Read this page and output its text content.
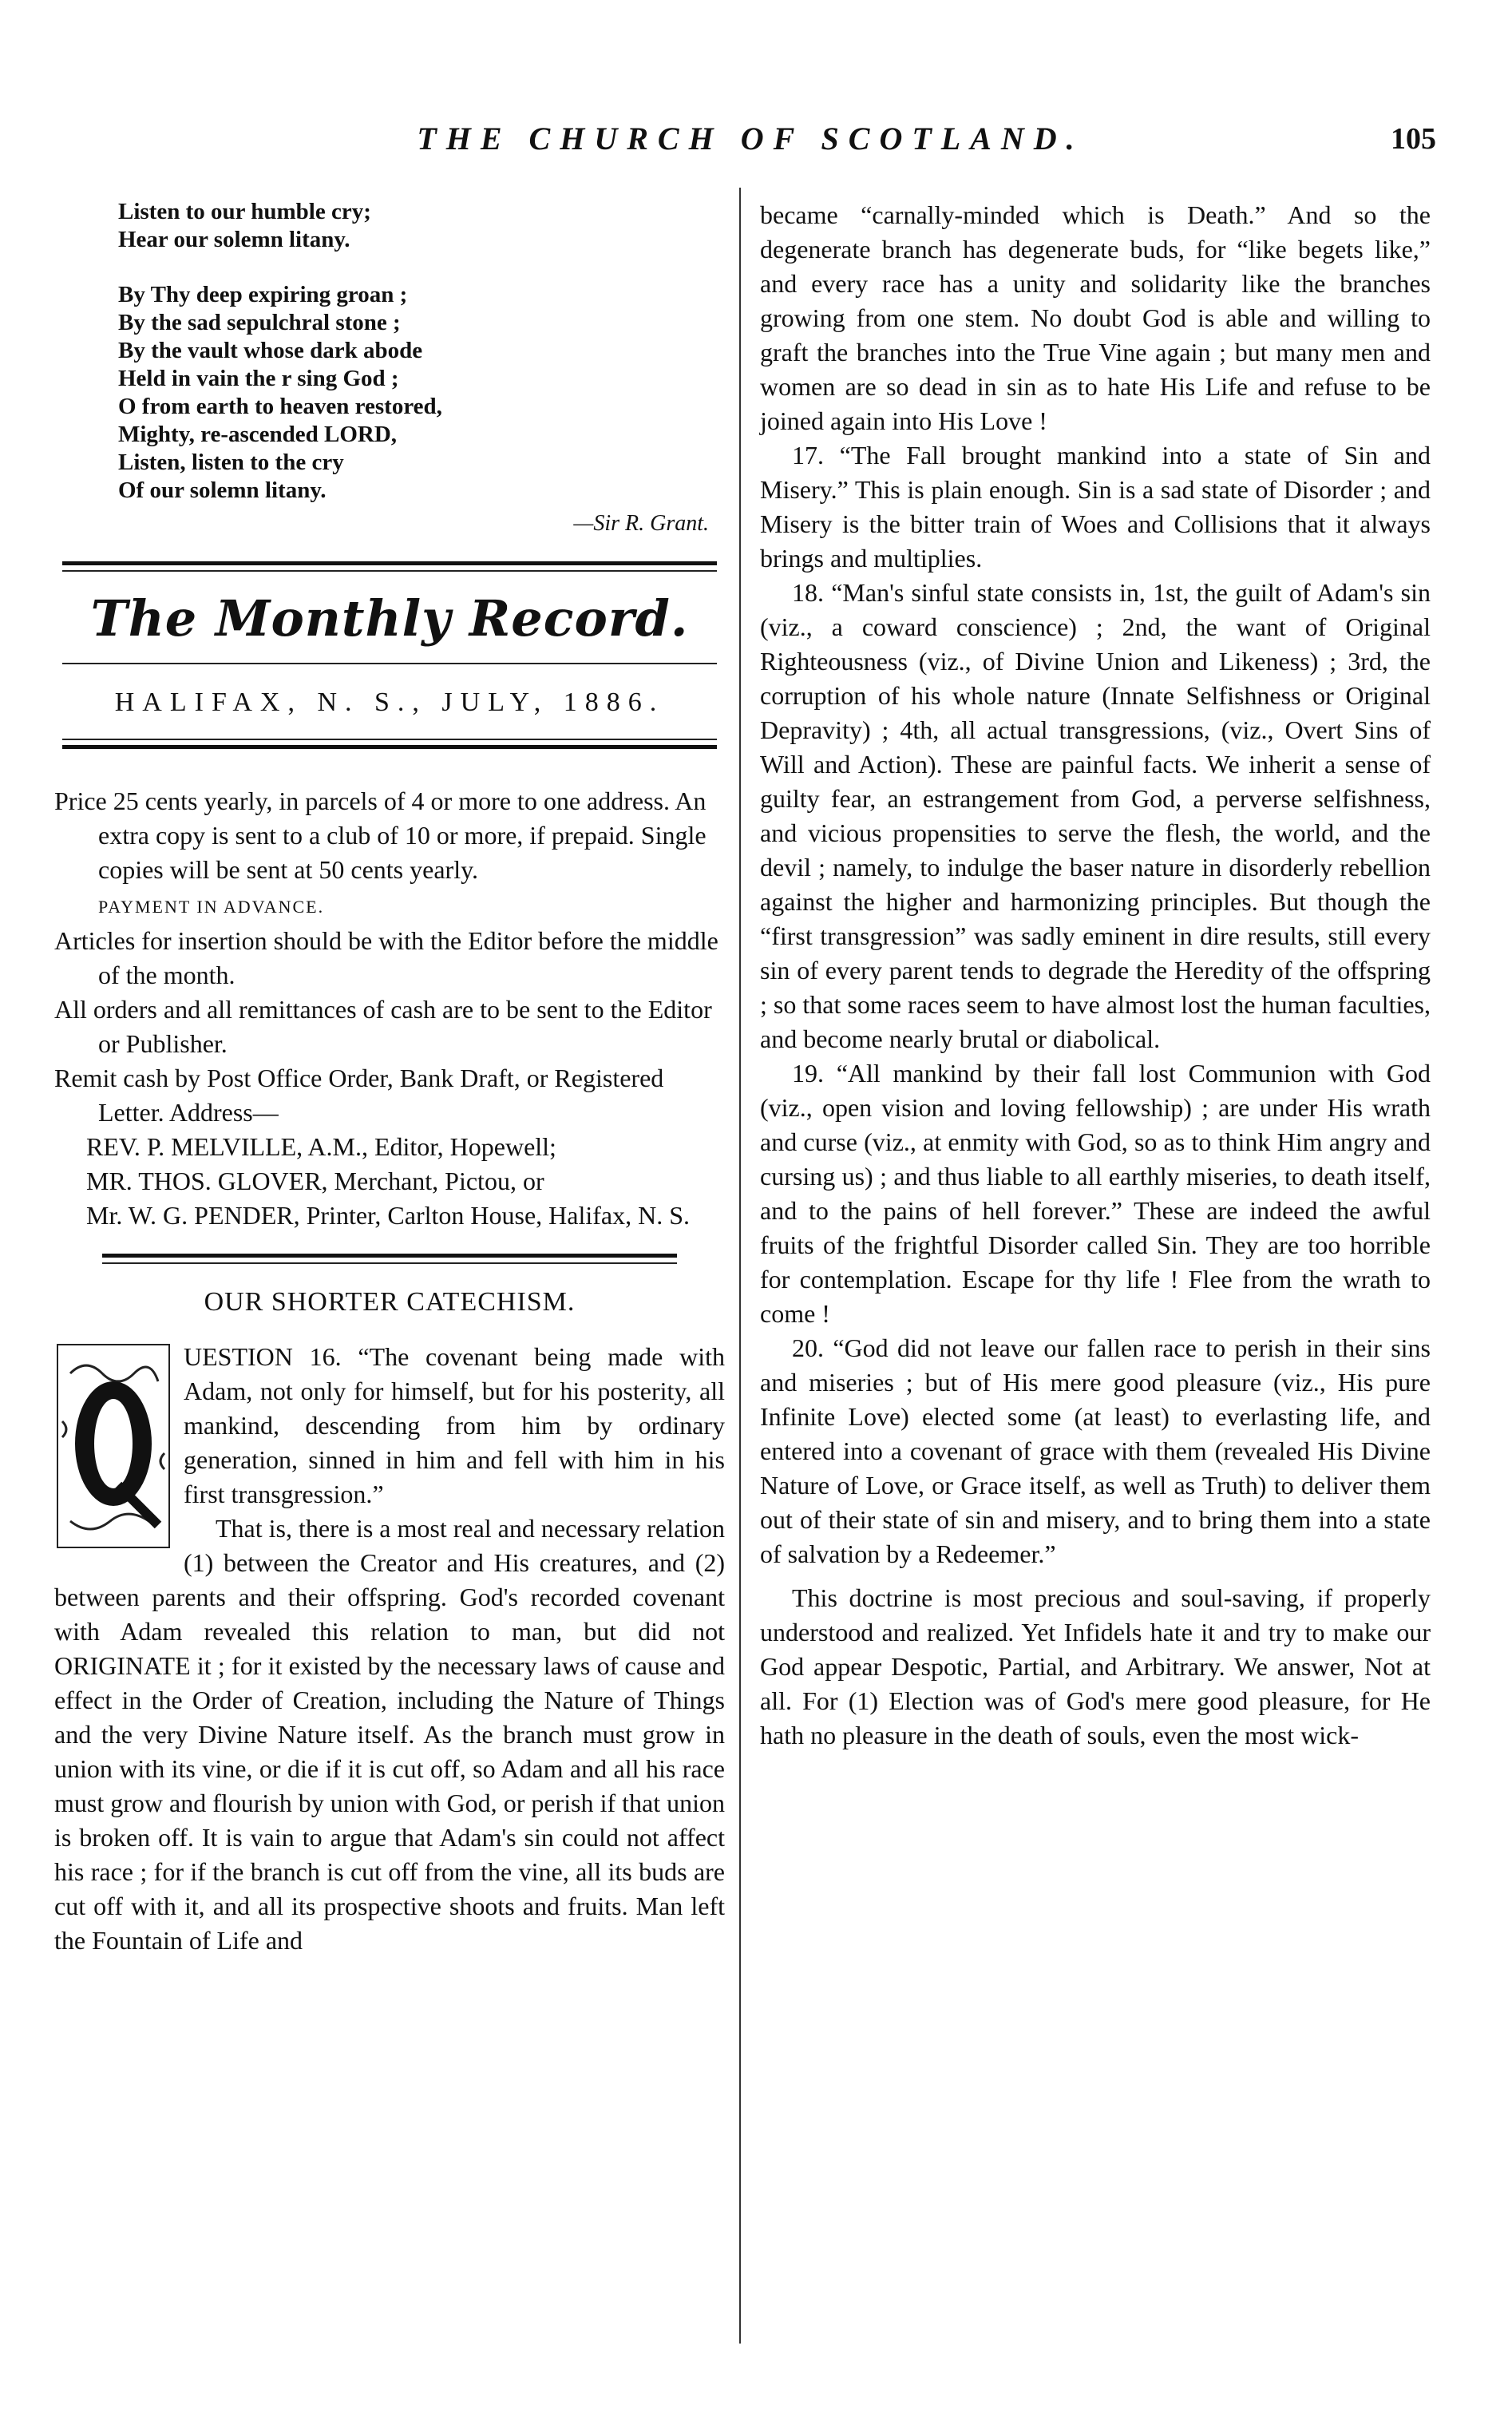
THE CHURCH OF SCOTLAND.	105
Listen to our humble cry;
Hear our solemn litany.
By Thy deep expiring groan ;
By the sad sepulchral stone ;
By the vault whose dark abode
Held in vain the r sing God ;
O from earth to heaven restored,
Mighty, re-ascended LORD,
Listen, listen to the cry
Of our solemn litany.
—Sir R. Grant.
The Monthly Record.
HALIFAX, N. S., JULY, 1886.

Price 25 cents yearly, in parcels of 4 or more to one address. An extra copy is sent to a club of 10 or more, if prepaid. Single copies will be sent at 50 cents yearly.
PAYMENT IN ADVANCE.

Articles for insertion should be with the Editor before the middle of the month.

All orders and all remittances of cash are to be sent to the Editor or Publisher.

Remit cash by Post Office Order, Bank Draft, or Registered Letter. Address—

REV. P. MELVILLE, A.M., Editor, Hopewell;

MR. THOS. GLOVER, Merchant, Pictou, or

Mr. W. G. PENDER, Printer, Carlton House, Halifax, N. S.

OUR SHORTER CATECHISM.

UESTION 16. “The covenant being made with Adam, not only for himself, but for his posterity, all mankind, descending from him by ordinary generation, sinned in him and fell with him in his first transgression.”

That is, there is a most real and necessary relation (1) between the Creator and His creatures, and (2) between parents and their offspring. God's recorded covenant with Adam revealed this relation to man, but did not ORIGINATE it ; for it existed by the necessary laws of cause and effect in the Order of Creation, including the Nature of Things and the very Divine Nature itself. As the branch must grow in union with its vine, or die if it is cut off, so Adam and all his race must grow and flourish by union with God, or perish if that union is broken off. It is vain to argue that Adam's sin could not affect his race ; for if the branch is cut off from the vine, all its buds are cut off with it, and all its prospective shoots and fruits. Man left the Fountain of Life and

became “carnally-minded which is Death.” And so the degenerate branch has degenerate buds, for “like begets like,” and every race has a unity and solidarity like the branches growing from one stem. No doubt God is able and willing to graft the branches into the True Vine again ; but many men and women are so dead in sin as to hate His Life and refuse to be joined again into His Love !

17. “The Fall brought mankind into a state of Sin and Misery.” This is plain enough. Sin is a sad state of Disorder ; and Misery is the bitter train of Woes and Collisions that it always brings and multiplies.

18. “Man's sinful state consists in, 1st, the guilt of Adam's sin (viz., a coward conscience) ; 2nd, the want of Original Righteousness (viz., of Divine Union and Likeness) ; 3rd, the corruption of his whole nature (Innate Selfishness or Original Depravity) ; 4th, all actual transgressions, (viz., Overt Sins of Will and Action). These are painful facts. We inherit a sense of guilty fear, an estrangement from God, a perverse selfishness, and vicious propensities to serve the flesh, the world, and the devil ; namely, to indulge the baser nature in disorderly rebellion against the higher and harmonizing principles. But though the “first transgression” was sadly eminent in dire results, still every sin of every parent tends to degrade the Heredity of the offspring ; so that some races seem to have almost lost the human faculties, and become nearly brutal or diabolical.

19. “All mankind by their fall lost Communion with God (viz., open vision and loving fellowship) ; are under His wrath and curse (viz., at enmity with God, so as to think Him angry and cursing us) ; and thus liable to all earthly miseries, to death itself, and to the pains of hell forever.” These are indeed the awful fruits of the frightful Disorder called Sin. They are too horrible for contemplation. Escape for thy life ! Flee from the wrath to come !

20. “God did not leave our fallen race to perish in their sins and miseries ; but of His mere good pleasure (viz., His pure Infinite Love) elected some (at least) to everlasting life, and entered into a covenant of grace with them (revealed His Divine Nature of Love, or Grace itself, as well as Truth) to deliver them out of their state of sin and misery, and to bring them into a state of salvation by a Redeemer.”

This doctrine is most precious and soul-saving, if properly understood and realized. Yet Infidels hate it and try to make our God appear Despotic, Partial, and Arbitrary. We answer, Not at all. For (1) Election was of God's mere good pleasure, for He hath no pleasure in the death of souls, even the most wick-
